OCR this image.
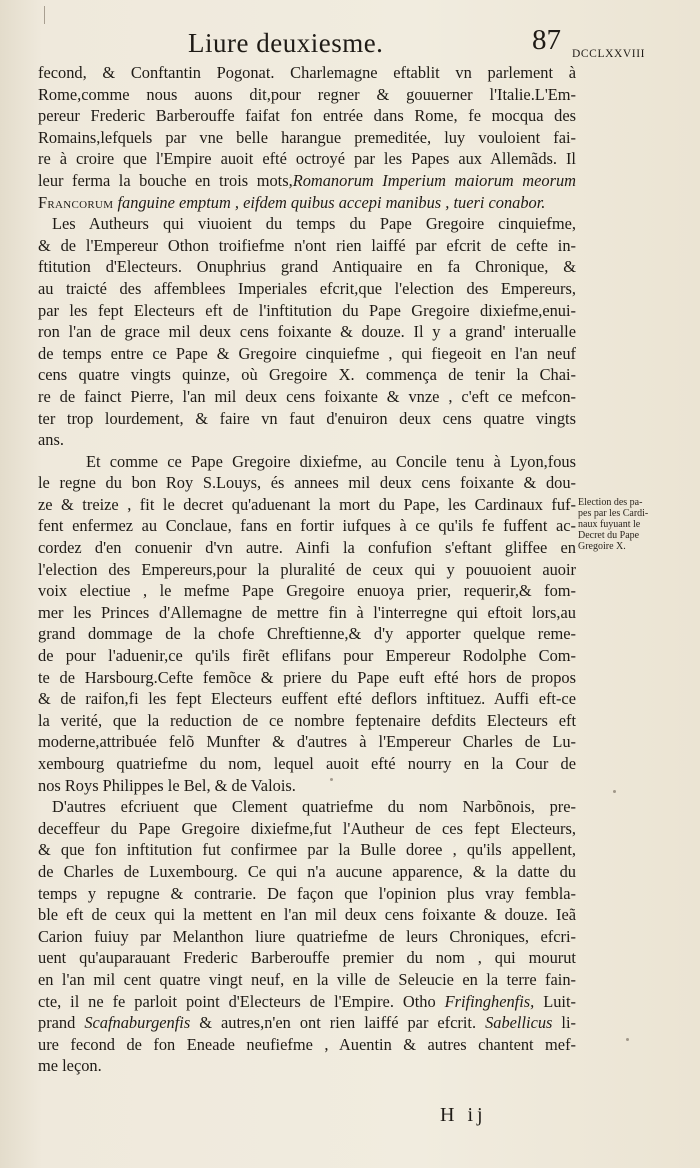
Liure deuxiesme.	87 DCCLXXVIII
fecond, & Conftantin Pogonat. Charlemagne eftablit vn parlement à
Rome,comme nous auons dit,pour regner & gouuerner l'Italie.L'Em-
pereur Frederic Barberouffe faifat fon entrée dans Rome, fe mocqua des
Romains,lefquels par vne belle harangue premeditée, luy vouloient fai-
re à croire que l'Empire auoit efté octroyé par les Papes aux Allemãds. Il
leur ferma la bouche en trois mots,Romanorum Imperium maiorum meorum
Francorum fanguine emptum , eifdem quibus accepi manibus , tueri conabor.
Les Autheurs qui viuoient du temps du Pape Gregoire cinquiefme,
& de l'Empereur Othon troifiefme n'ont rien laiffé par efcrit de cefte in-
ftitution d'Electeurs. Onuphrius grand Antiquaire en fa Chronique, &
au traicté des affemblees Imperiales efcrit,que l'election des Empereurs,
par les fept Electeurs eft de l'inftitution du Pape Gregoire dixiefme,enui-
ron l'an de grace mil deux cens foixante & douze. Il y a grand' interualle
de temps entre ce Pape & Gregoire cinquiefme , qui fiegeoit en l'an neuf
cens quatre vingts quinze, où Gregoire X. commença de tenir la Chai-
re de fainct Pierre, l'an mil deux cens foixante & vnze , c'eft ce mefcon-
ter trop lourdement, & faire vn faut d'enuiron deux cens quatre vingts
ans.
Et comme ce Pape Gregoire dixiefme, au Concile tenu à Lyon,fous
le regne du bon Roy S.Louys, és annees mil deux cens foixante & dou-
ze & treize , fit le decret qu'aduenant la mort du Pape, les Cardinaux fuf-
fent enfermez au Conclaue, fans en fortir iufques à ce qu'ils fe fuffent ac-
cordez d'en conuenir d'vn autre. Ainfi la confufion s'eftant gliffee en
l'election des Empereurs,pour la pluralité de ceux qui y pouuoient auoir
voix electiue , le mefme Pape Gregoire enuoya prier, requerir,& fom-
mer les Princes d'Allemagne de mettre fin à l'interregne qui eftoit lors,au
grand dommage de la chofe Chreftienne,& d'y apporter quelque reme-
de pour l'aduenir,ce qu'ils firẽt eflifans pour Empereur Rodolphe Com-
te de Harsbourg.Cefte femõce & priere du Pape euft efté hors de propos
& de raifon,fi les fept Electeurs euffent efté deflors inftituez. Auffi eft-ce
la verité, que la reduction de ce nombre feptenaire defdits Electeurs eft
moderne,attribuée felõ Munfter & d'autres à l'Empereur Charles de Lu-
xembourg quatriefme du nom, lequel auoit efté nourry en la Cour de
nos Roys Philippes le Bel, & de Valois.
D'autres efcriuent que Clement quatriefme du nom Narbõnois, pre-
deceffeur du Pape Gregoire dixiefme,fut l'Autheur de ces fept Electeurs,
& que fon inftitution fut confirmee par la Bulle doree , qu'ils appellent,
de Charles de Luxembourg. Ce qui n'a aucune apparence, & la datte du
temps y repugne & contrarie. De façon que l'opinion plus vray fembla-
ble eft de ceux qui la mettent en l'an mil deux cens foixante & douze. Ieã
Carion fuiuy par Melanthon liure quatriefme de leurs Chroniques, efcri-
uent qu'auparauant Frederic Barberouffe premier du nom , qui mourut
en l'an mil cent quatre vingt neuf, en la ville de Seleucie en la terre fain-
cte, il ne fe parloit point d'Electeurs de l'Empire. Otho Frifinghenfis, Luit-
prand Scafnaburgenfis & autres,n'en ont rien laiffé par efcrit. Sabellicus li-
ure fecond de fon Eneade neufiefme , Auentin & autres chantent mef-
me leçon.
Election des pa-
pes par les Cardi-
naux fuyuant le
Decret du Pape
Gregoire X.
H ij
